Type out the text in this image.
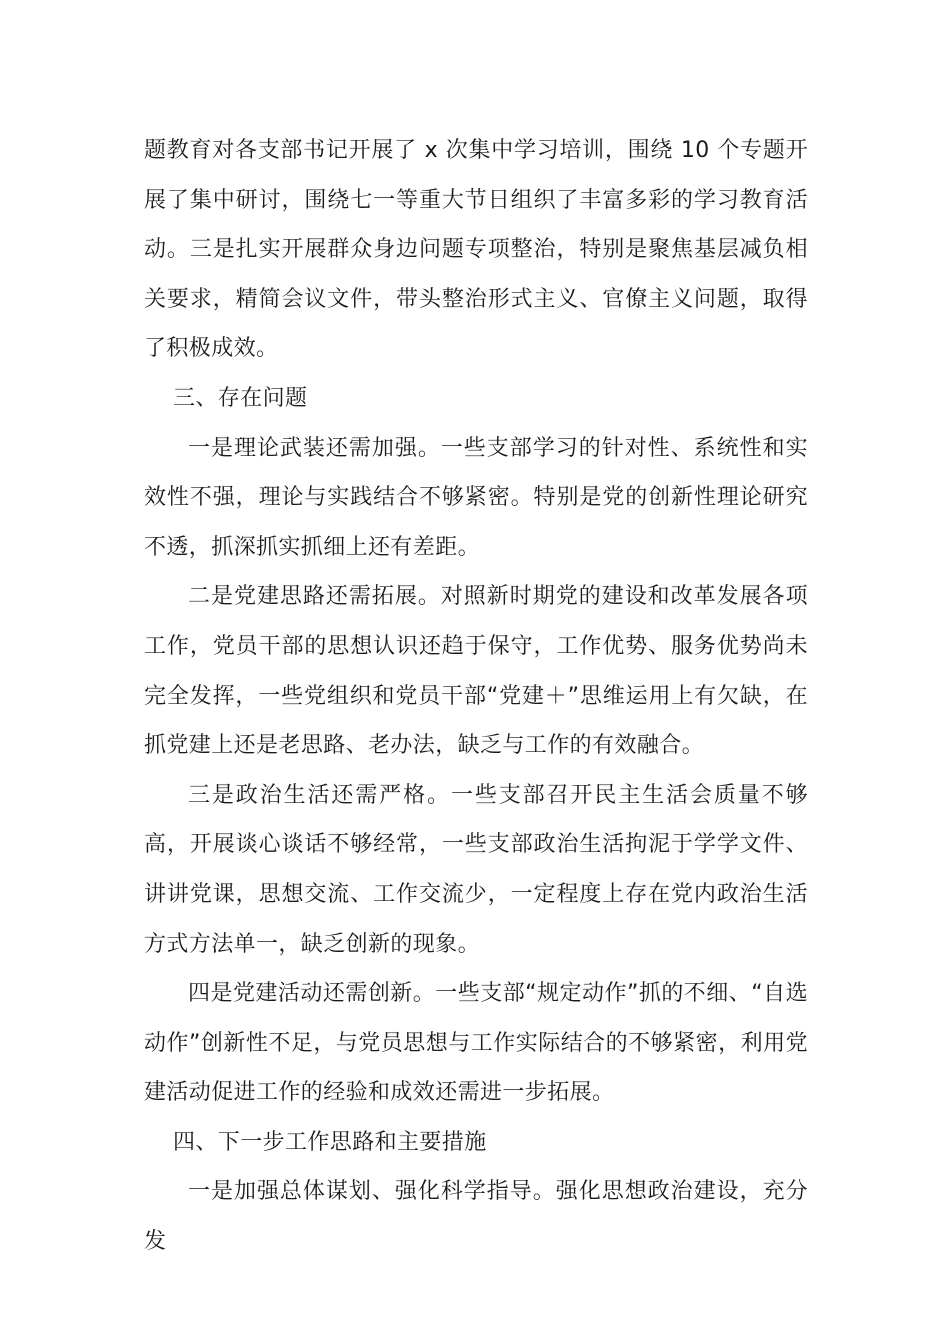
题教育对各支部书记开展了 x 次集中学习培训，围绕 10 个专题开展了集中研讨，围绕七一等重大节日组织了丰富多彩的学习教育活动。三是扎实开展群众身边问题专项整治，特别是聚焦基层减负相关要求，精简会议文件，带头整治形式主义、官僚主义问题，取得了积极成效。

三、存在问题

一是理论武装还需加强。一些支部学习的针对性、系统性和实效性不强，理论与实践结合不够紧密。特别是党的创新性理论研究不透，抓深抓实抓细上还有差距。

二是党建思路还需拓展。对照新时期党的建设和改革发展各项工作，党员干部的思想认识还趋于保守，工作优势、服务优势尚未完全发挥，一些党组织和党员干部“党建＋”思维运用上有欠缺，在抓党建上还是老思路、老办法，缺乏与工作的有效融合。

三是政治生活还需严格。一些支部召开民主生活会质量不够高，开展谈心谈话不够经常，一些支部政治生活拘泥于学学文件、讲讲党课，思想交流、工作交流少，一定程度上存在党内政治生活方式方法单一，缺乏创新的现象。

四是党建活动还需创新。一些支部“规定动作”抓的不细、“自选动作”创新性不足，与党员思想与工作实际结合的不够紧密，利用党建活动促进工作的经验和成效还需进一步拓展。

四、下一步工作思路和主要措施

一是加强总体谋划、强化科学指导。强化思想政治建设，充分发
